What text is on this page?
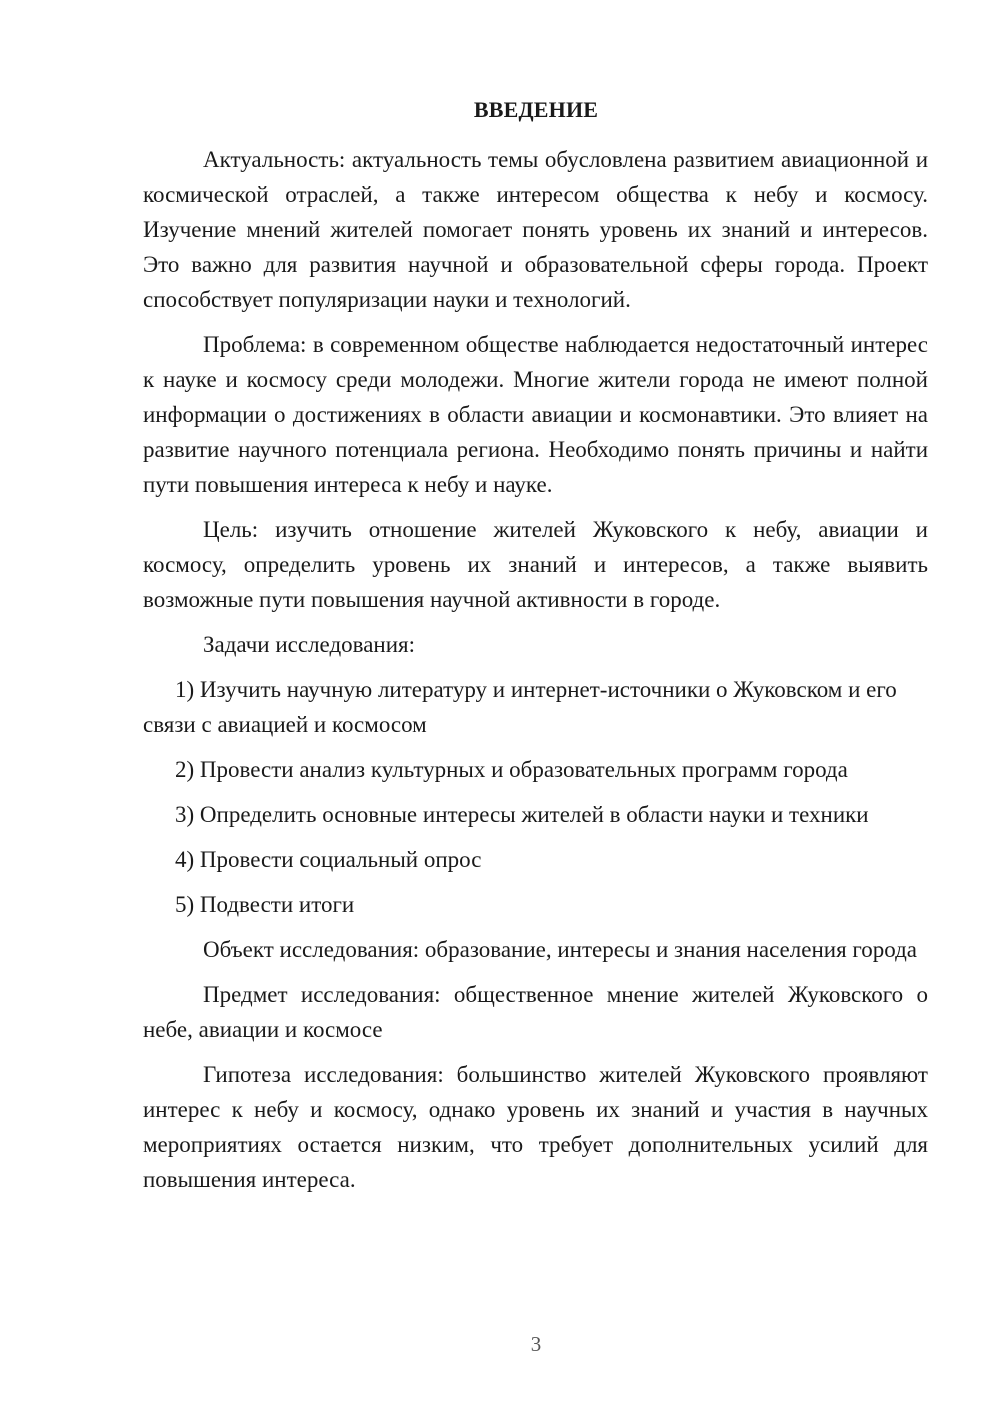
ВВЕДЕНИЕ

Актуальность: актуальность темы обусловлена развитием авиационной и космической отраслей, а также интересом общества к небу и космосу. Изучение мнений жителей помогает понять уровень их знаний и интересов. Это важно для развития научной и образовательной сферы города. Проект способствует популяризации науки и технологий.

Проблема: в современном обществе наблюдается недостаточный интерес к науке и космосу среди молодежи. Многие жители города не имеют полной информации о достижениях в области авиации и космонавтики. Это влияет на развитие научного потенциала региона. Необходимо понять причины и найти пути повышения интереса к небу и науке.

Цель: изучить отношение жителей Жуковского к небу, авиации и космосу, определить уровень их знаний и интересов, а также выявить возможные пути повышения научной активности в городе.

Задачи исследования:

1) Изучить научную литературу и интернет-источники о Жуковском и его связи с авиацией и космосом

2) Провести анализ культурных и образовательных программ города

3) Определить основные интересы жителей в области науки и техники

4) Провести социальный опрос

5) Подвести итоги

Объект исследования: образование, интересы и знания населения города

Предмет исследования: общественное мнение жителей Жуковского о небе, авиации и космосе

Гипотеза исследования: большинство жителей Жуковского проявляют интерес к небу и космосу, однако уровень их знаний и участия в научных мероприятиях остается низким, что требует дополнительных усилий для повышения интереса.

3
